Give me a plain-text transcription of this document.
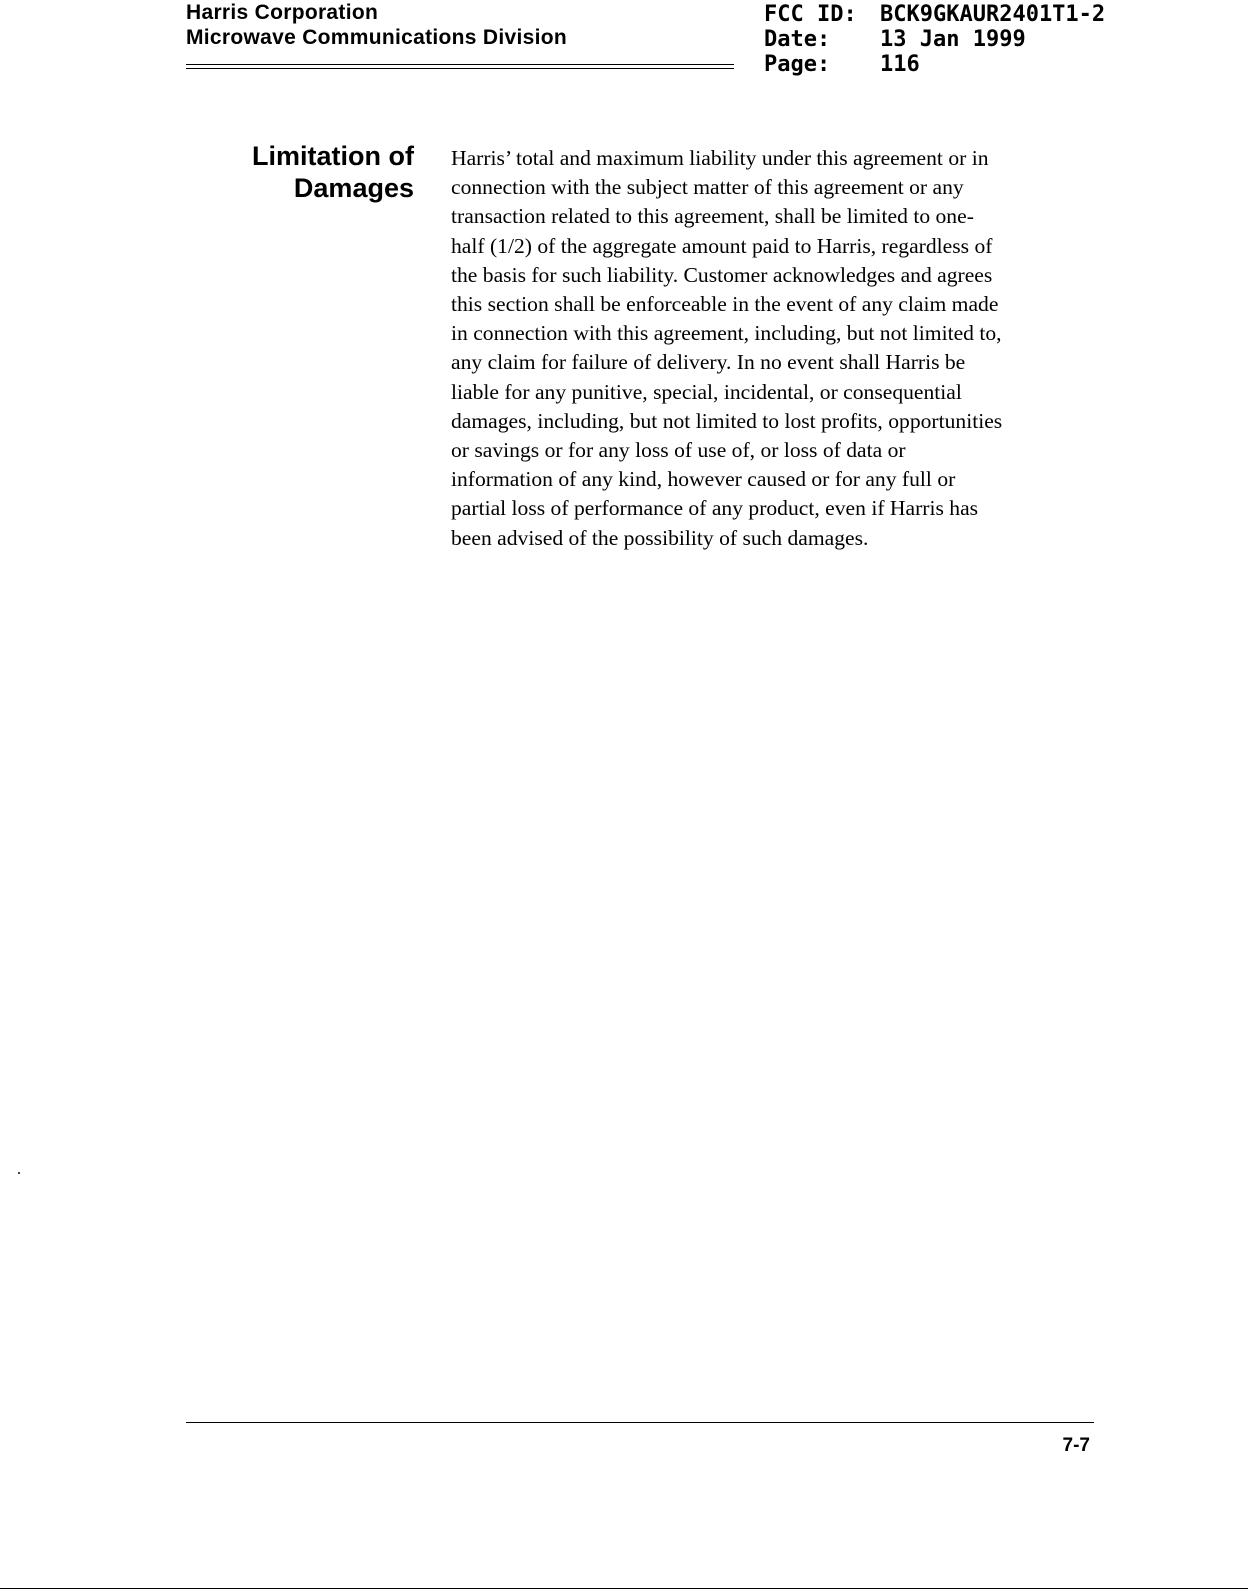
Harris Corporation
Microwave Communications Division
FCC ID:
Date:
Page:
BCK9GKAUR2401T1-2
13 Jan 1999
116
Limitation of
Damages
Harris’ total and maximum liability under this agreement or in
connection with the subject matter of this agreement or any
transaction related to this agreement, shall be limited to one-
half (1/2) of the aggregate amount paid to Harris, regardless of
the basis for such liability. Customer acknowledges and agrees
this section shall be enforceable in the event of any claim made
in connection with this agreement, including, but not limited to,
any claim for failure of delivery. In no event shall Harris be
liable for any punitive, special, incidental, or consequential
damages, including, but not limited to lost profits, opportunities
or savings or for any loss of use of, or loss of data or
information of any kind, however caused or for any full or
partial loss of performance of any product, even if Harris has
been advised of the possibility of such damages.
7-7
